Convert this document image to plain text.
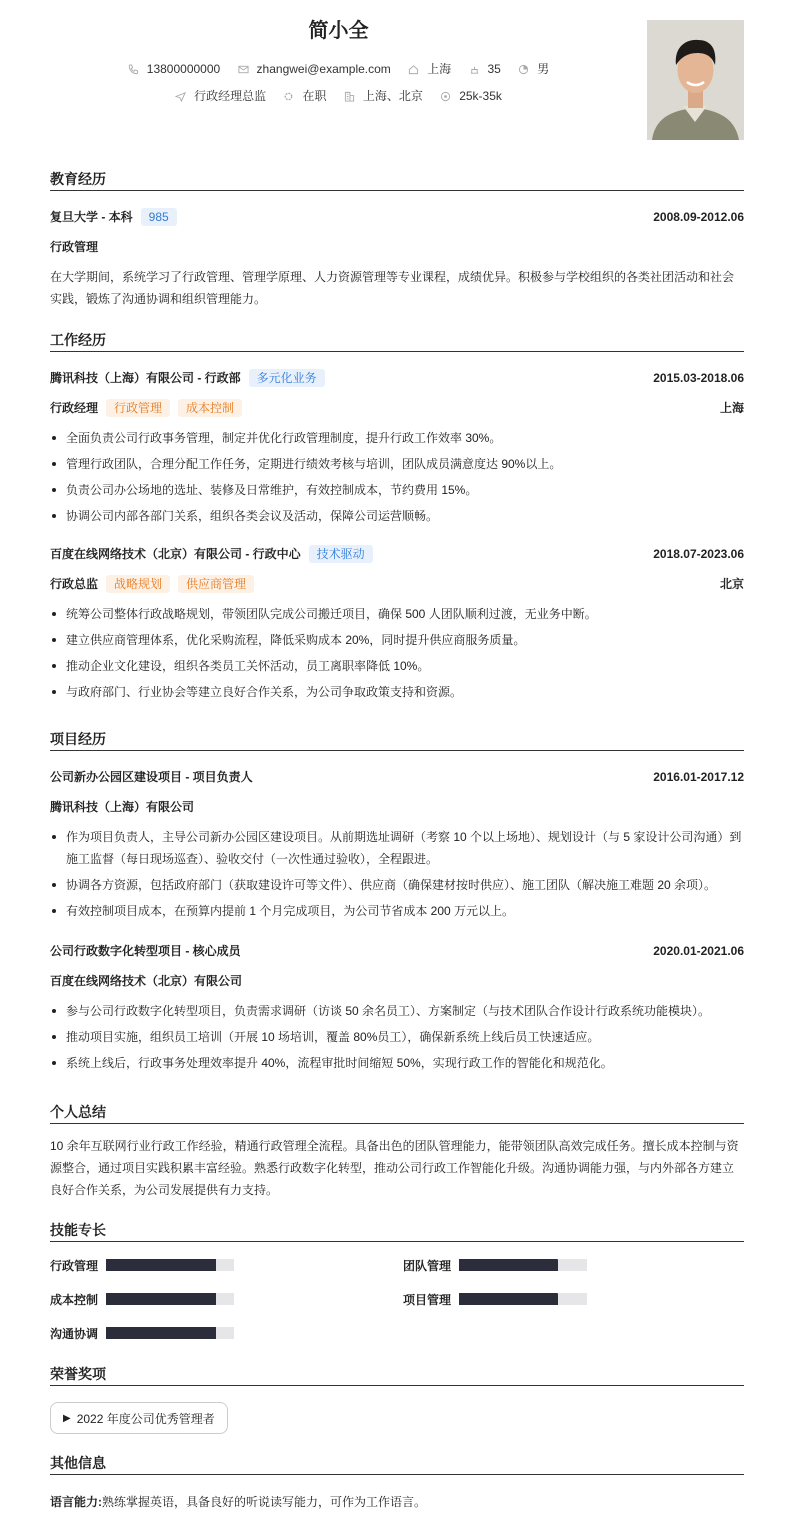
简小全
13800000000
	zhangwei@example.com
	上海
	35
	男
行政经理总监
	在职
	上海、北京
	25k-35k
教育经历
复旦大学 - 本科	985	2008.09-2012.06
行政管理
在大学期间，系统学习了行政管理、管理学原理、人力资源管理等专业课程，成绩优异。积极参与学校组织的各类社团活动和社会实践，锻炼了沟通协调和组织管理能力。
工作经历
腾讯科技（上海）有限公司 - 行政部	多元化业务	2015.03-2018.06
行政经理	行政管理	成本控制	上海
全面负责公司行政事务管理，制定并优化行政管理制度，提升行政工作效率 30%。
管理行政团队，合理分配工作任务，定期进行绩效考核与培训，团队成员满意度达 90%以上。
负责公司办公场地的选址、装修及日常维护，有效控制成本，节约费用 15%。
协调公司内部各部门关系，组织各类会议及活动，保障公司运营顺畅。
百度在线网络技术（北京）有限公司 - 行政中心	技术驱动	2018.07-2023.06
行政总监	战略规划	供应商管理	北京
统筹公司整体行政战略规划，带领团队完成公司搬迁项目，确保 500 人团队顺利过渡，无业务中断。
建立供应商管理体系，优化采购流程，降低采购成本 20%，同时提升供应商服务质量。
推动企业文化建设，组织各类员工关怀活动，员工离职率降低 10%。
与政府部门、行业协会等建立良好合作关系，为公司争取政策支持和资源。
项目经历
公司新办公园区建设项目 - 项目负责人	2016.01-2017.12
腾讯科技（上海）有限公司
作为项目负责人，主导公司新办公园区建设项目。从前期选址调研（考察 10 个以上场地）、规划设计（与 5 家设计公司沟通）到施工监督（每日现场巡查）、验收交付（一次性通过验收），全程跟进。
协调各方资源，包括政府部门（获取建设许可等文件）、供应商（确保建材按时供应）、施工团队（解决施工难题 20 余项）。
有效控制项目成本，在预算内提前 1 个月完成项目，为公司节省成本 200 万元以上。
公司行政数字化转型项目 - 核心成员	2020.01-2021.06
百度在线网络技术（北京）有限公司
参与公司行政数字化转型项目，负责需求调研（访谈 50 余名员工）、方案制定（与技术团队合作设计行政系统功能模块）。
推动项目实施，组织员工培训（开展 10 场培训，覆盖 80%员工），确保新系统上线后员工快速适应。
系统上线后，行政事务处理效率提升 40%，流程审批时间缩短 50%，实现行政工作的智能化和规范化。
个人总结
10 余年互联网行业行政工作经验，精通行政管理全流程。具备出色的团队管理能力，能带领团队高效完成任务。擅长成本控制与资源整合，通过项目实践积累丰富经验。熟悉行政数字化转型，推动公司行政工作智能化升级。沟通协调能力强，与内外部各方建立良好合作关系，为公司发展提供有力支持。
技能专长
行政管理	团队管理
成本控制	项目管理
沟通协调
荣誉奖项
▶ 2022 年度公司优秀管理者
其他信息
语言能力:熟练掌握英语，具备良好的听说读写能力，可作为工作语言。
